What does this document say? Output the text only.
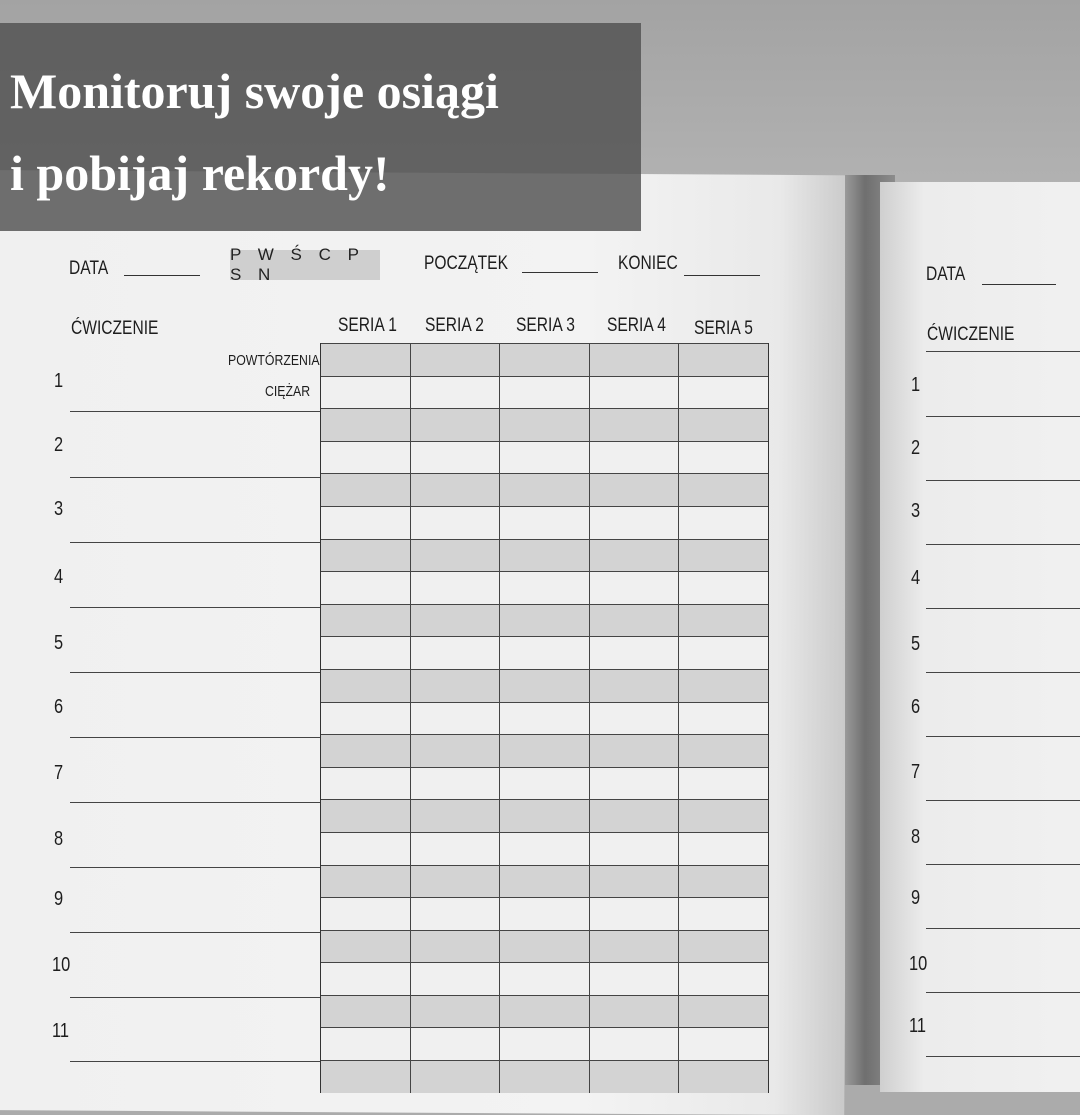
DATA
P W Ś C P S N
POCZĄTEK	KONIEC
ĆWICZENIE	SERIA 1 SERIA 2 SERIA 3 SERIA 4 SERIA 5
POWTÓRZENIA
CIĘŻAR
1
2
3
4
5
6
7
8
9
10
11
DATA
ĆWICZENIE
1
2
3
4
5
6
7
8
9
10
11
Monitoruj swoje osiągi
i pobijaj rekordy!
